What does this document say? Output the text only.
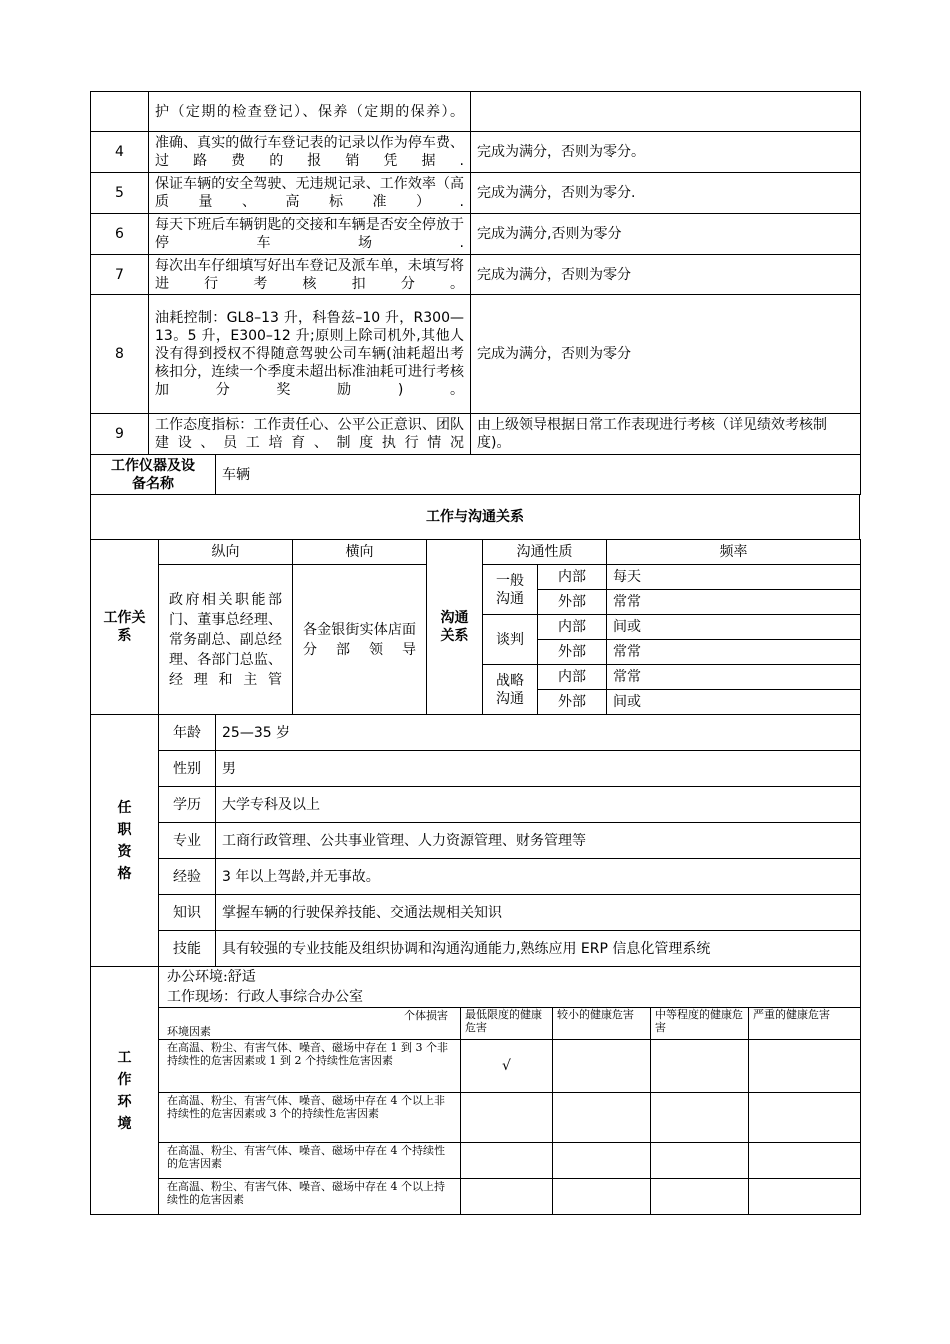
	护（定期的检查登记）、保养（定期的保养）。	
4	准确、真实的做行车登记表的记录以作为停车费、过路费的报销凭据.	完成为满分，否则为零分。
5	保证车辆的安全驾驶、无违规记录、工作效率（高质量、高标准）.	完成为满分，否则为零分.
6	每天下班后车辆钥匙的交接和车辆是否安全停放于停车场.	完成为满分,否则为零分
7	每次出车仔细填写好出车登记及派车单，未填写将进行考核扣分。	完成为满分，否则为零分
8	油耗控制：GL8–13 升，科鲁兹–10 升，R300—13。5 升，E300–12 升;原则上除司机外,其他人没有得到授权不得随意驾驶公司车辆(油耗超出考核扣分，连续一个季度未超出标准油耗可进行考核加分奖励)。	完成为满分，否则为零分
9	工作态度指标：工作责任心、公平公正意识、团队建设、员工培育、制度执行情况	由上级领导根据日常工作表现进行考核（详见绩效考核制度)。
工作仪器及设备名称	车辆
工作与沟通关系
工作关系	纵向	横向	沟通关系	沟通性质		频率
	政府相关职能部门、董事总经理、常务副总、副总经理、各部门总监、经理和主管	各金银街实体店面分部领导		一般沟通	内部	每天
					外部	常常
				谈判	内部	间或
					外部	常常
				战略沟通	内部	常常
					外部	间或
任职资格	年龄	25—35 岁
	性别	男
	学历	大学专科及以上
	专业	工商行政管理、公共事业管理、人力资源管理、财务管理等
	经验	3 年以上驾龄,并无事故。
	知识	掌握车辆的行驶保养技能、交通法规相关知识
	技能	具有较强的专业技能及组织协调和沟通沟通能力,熟练应用 ERP 信息化管理系统
工作环境	办公环境:舒适				
	工作现场：行政人事综合办公室				

	个体损害
环境因素	最低限度的健康危害	较小的健康危害	中等程度的健康危害	严重的健康危害
	在高温、粉尘、有害气体、噪音、磁场中存在 1 到 3 个非持续性的危害因素或 1 到 2 个持续性危害因素	√			
	在高温、粉尘、有害气体、噪音、磁场中存在 4 个以上非持续性的危害因素或 3 个的持续性危害因素				
	在高温、粉尘、有害气体、噪音、磁场中存在 4 个持续性的危害因素				
	在高温、粉尘、有害气体、噪音、磁场中存在 4 个以上持续性的危害因素				
